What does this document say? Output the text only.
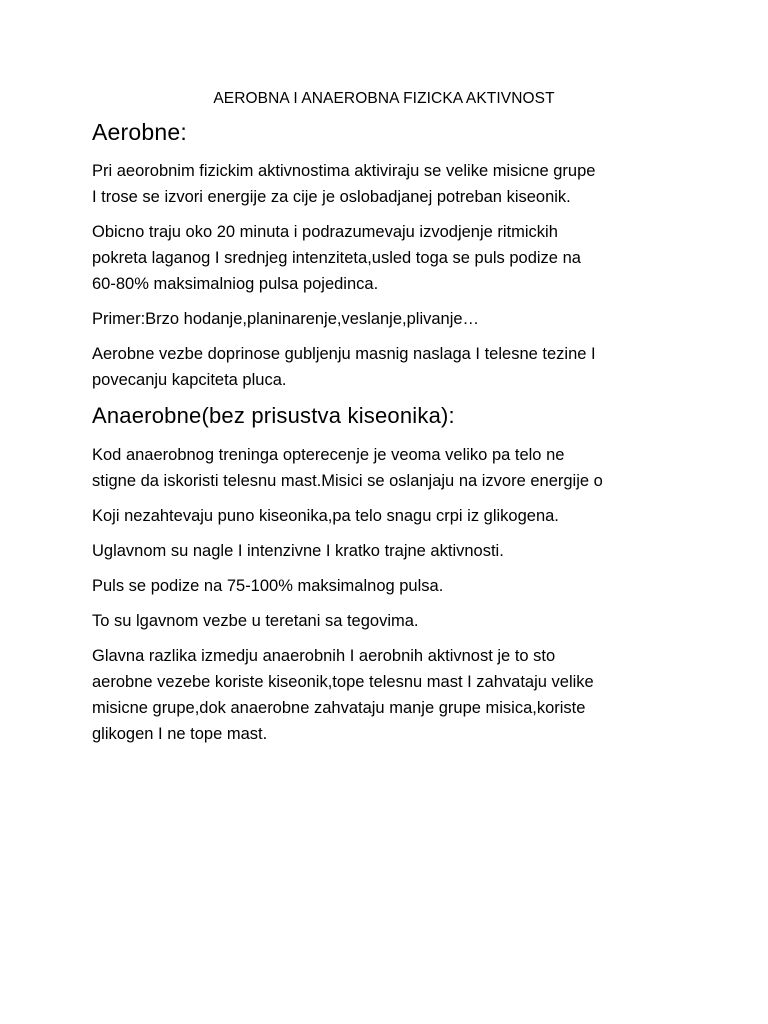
AEROBNA I ANAEROBNA FIZICKA AKTIVNOST
Aerobne:
Pri aeorobnim fizickim aktivnostima aktiviraju se velike misicne grupe
I trose se izvori energije za cije je oslobadjanej potreban kiseonik.
Obicno traju oko 20 minuta i podrazumevaju izvodjenje ritmickih
pokreta laganog I srednjeg intenziteta,usled toga se puls podize na
60-80% maksimalniog pulsa pojedinca.
Primer:Brzo hodanje,planinarenje,veslanje,plivanje…
Aerobne vezbe doprinose gubljenju masnig naslaga I telesne tezine I
povecanju kapciteta pluca.
Anaerobne(bez prisustva kiseonika):
Kod anaerobnog treninga opterecenje je veoma veliko pa telo ne
stigne da iskoristi telesnu mast.Misici se oslanjaju na izvore energije o
Koji nezahtevaju puno kiseonika,pa telo snagu crpi iz glikogena.
Uglavnom su nagle I intenzivne I kratko trajne aktivnosti.
Puls se podize na 75-100% maksimalnog pulsa.
To su lgavnom vezbe u teretani sa tegovima.
Glavna razlika izmedju anaerobnih I aerobnih aktivnost je to sto
aerobne vezebe koriste kiseonik,tope telesnu mast I zahvataju velike
misicne grupe,dok anaerobne zahvataju manje grupe misica,koriste
glikogen I ne tope mast.
